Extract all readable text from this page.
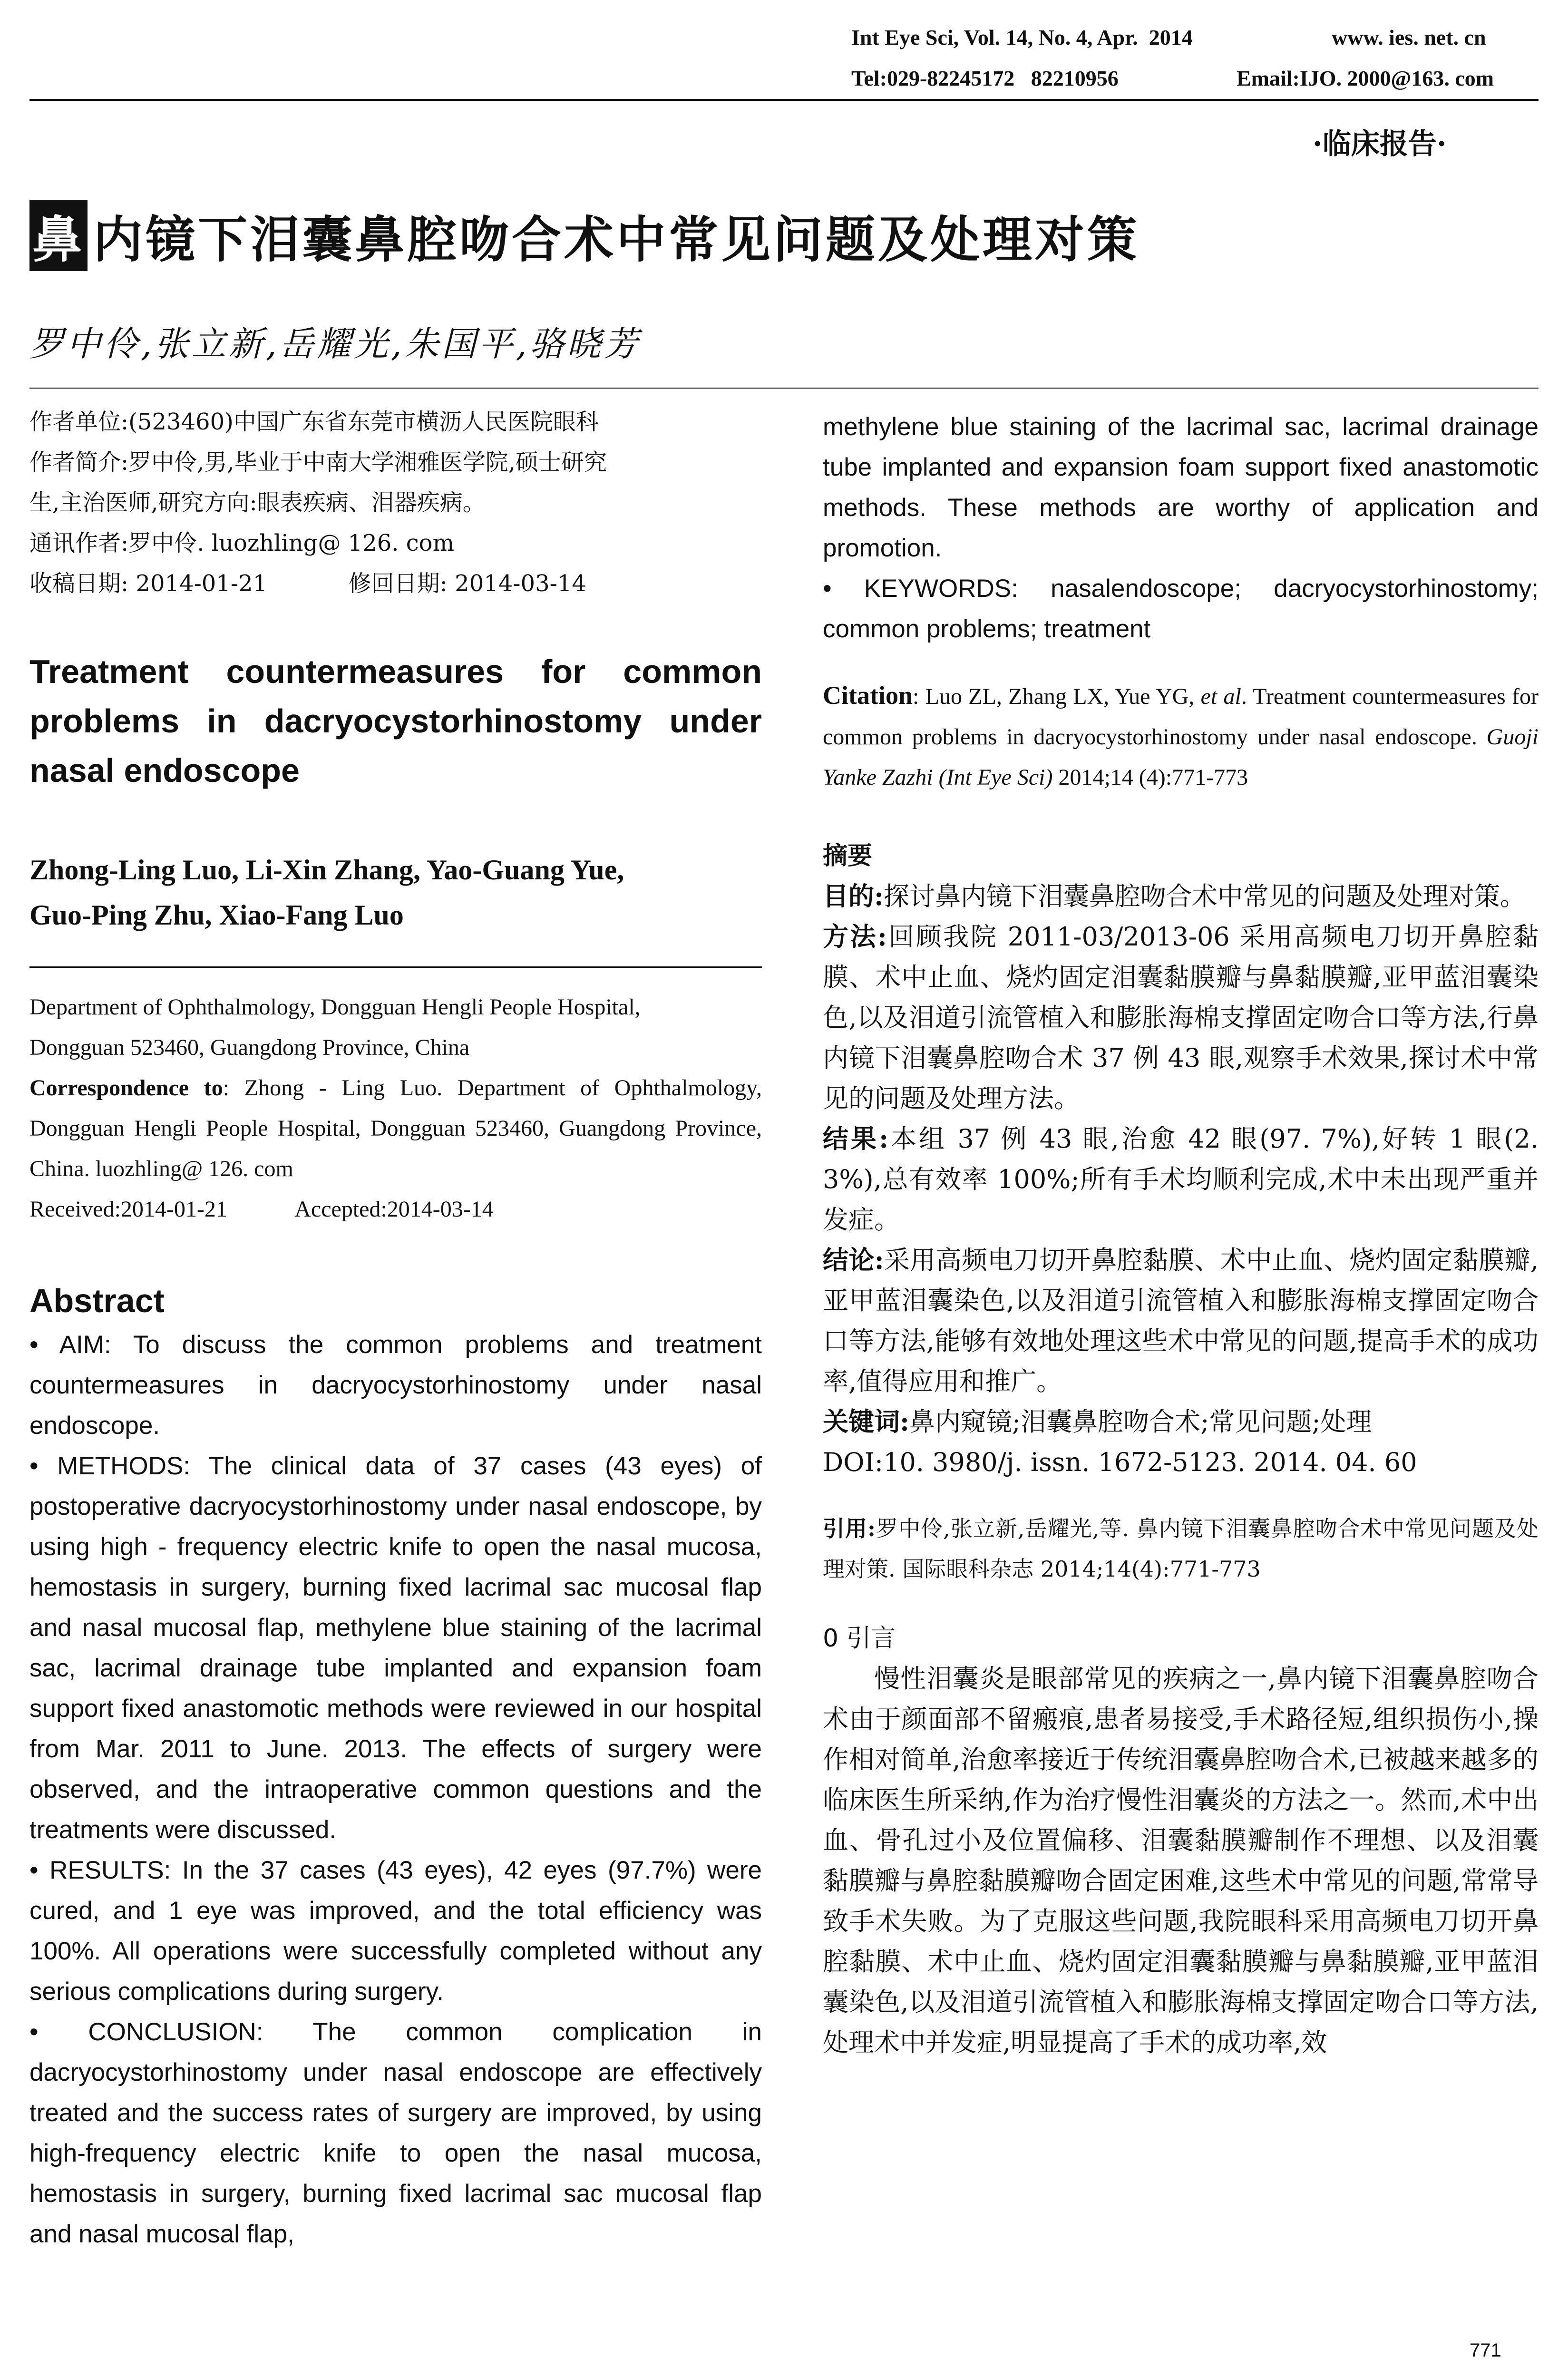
Int Eye Sci, Vol. 14, No. 4, Apr.  2014	www. ies. net. cn
Tel:029-82245172   82210956	Email:IJO. 2000@163. com
·临床报告·
鼻 内镜下泪囊鼻腔吻合术中常见问题及处理对策
罗中伶,张立新,岳耀光,朱国平,骆晓芳

作者单位:(523460)中国广东省东莞市横沥人民医院眼科

作者简介:罗中伶,男,毕业于中南大学湘雅医学院,硕士研究

生,主治医师,研究方向:眼表疾病、泪器疾病。

通讯作者:罗中伶. luozhling@ 126. com

收稿日期: 2014-01-21	修回日期: 2014-03-14

Treatment countermeasures for common problems in dacryocystorhinostomy under nasal endoscope

Zhong-Ling Luo, Li-Xin Zhang, Yao-Guang Yue,

Guo-Ping Zhu, Xiao-Fang Luo

Department of Ophthalmology, Dongguan Hengli People Hospital,

Dongguan 523460, Guangdong Province, China

Correspondence to: Zhong - Ling Luo. Department of Ophthalmology, Dongguan Hengli People Hospital, Dongguan 523460, Guangdong Province, China. luozhling@ 126. com

Received:2014-01-21	Accepted:2014-03-14

Abstract

• AIM: To discuss the common problems and treatment countermeasures in dacryocystorhinostomy under nasal endoscope.

• METHODS: The clinical data of 37 cases (43 eyes) of postoperative dacryocystorhinostomy under nasal endoscope, by using high - frequency electric knife to open the nasal mucosa, hemostasis in surgery, burning fixed lacrimal sac mucosal flap and nasal mucosal flap, methylene blue staining of the lacrimal sac, lacrimal drainage tube implanted and expansion foam support fixed anastomotic methods were reviewed in our hospital from Mar. 2011 to June. 2013. The effects of surgery were observed, and the intraoperative common questions and the treatments were discussed.

• RESULTS: In the 37 cases (43 eyes), 42 eyes (97.7%) were cured, and 1 eye was improved, and the total efficiency was 100%. All operations were successfully completed without any serious complications during surgery.

• CONCLUSION: The common complication in dacryocystorhinostomy under nasal endoscope are effectively treated and the success rates of surgery are improved, by using high-frequency electric knife to open the nasal mucosa, hemostasis in surgery, burning fixed lacrimal sac mucosal flap and nasal mucosal flap,

methylene blue staining of the lacrimal sac, lacrimal drainage tube implanted and expansion foam support fixed anastomotic methods. These methods are worthy of application and promotion.

• KEYWORDS: nasalendoscope; dacryocystorhinostomy; common problems; treatment

Citation: Luo ZL, Zhang LX, Yue YG, et al. Treatment countermeasures for common problems in dacryocystorhinostomy under nasal endoscope. Guoji Yanke Zazhi (Int Eye Sci) 2014;14 (4):771-773

摘要

目的:探讨鼻内镜下泪囊鼻腔吻合术中常见的问题及处理对策。

方法:回顾我院 2011-03/2013-06 采用高频电刀切开鼻腔黏膜、术中止血、烧灼固定泪囊黏膜瓣与鼻黏膜瓣,亚甲蓝泪囊染色,以及泪道引流管植入和膨胀海棉支撑固定吻合口等方法,行鼻内镜下泪囊鼻腔吻合术 37 例 43 眼,观察手术效果,探讨术中常见的问题及处理方法。

结果:本组 37 例 43 眼,治愈 42 眼(97. 7%),好转 1 眼(2. 3%),总有效率 100%;所有手术均顺利完成,术中未出现严重并发症。

结论:采用高频电刀切开鼻腔黏膜、术中止血、烧灼固定黏膜瓣,亚甲蓝泪囊染色,以及泪道引流管植入和膨胀海棉支撑固定吻合口等方法,能够有效地处理这些术中常见的问题,提高手术的成功率,值得应用和推广。

关键词:鼻内窥镜;泪囊鼻腔吻合术;常见问题;处理

DOI:10. 3980/j. issn. 1672-5123. 2014. 04. 60

引用:罗中伶,张立新,岳耀光,等. 鼻内镜下泪囊鼻腔吻合术中常见问题及处理对策. 国际眼科杂志 2014;14(4):771-773

0 引言

慢性泪囊炎是眼部常见的疾病之一,鼻内镜下泪囊鼻腔吻合术由于颜面部不留瘢痕,患者易接受,手术路径短,组织损伤小,操作相对简单,治愈率接近于传统泪囊鼻腔吻合术,已被越来越多的临床医生所采纳,作为治疗慢性泪囊炎的方法之一。然而,术中出血、骨孔过小及位置偏移、泪囊黏膜瓣制作不理想、以及泪囊黏膜瓣与鼻腔黏膜瓣吻合固定困难,这些术中常见的问题,常常导致手术失败。为了克服这些问题,我院眼科采用高频电刀切开鼻腔黏膜、术中止血、烧灼固定泪囊黏膜瓣与鼻黏膜瓣,亚甲蓝泪囊染色,以及泪道引流管植入和膨胀海棉支撑固定吻合口等方法,处理术中并发症,明显提高了手术的成功率,效

771
